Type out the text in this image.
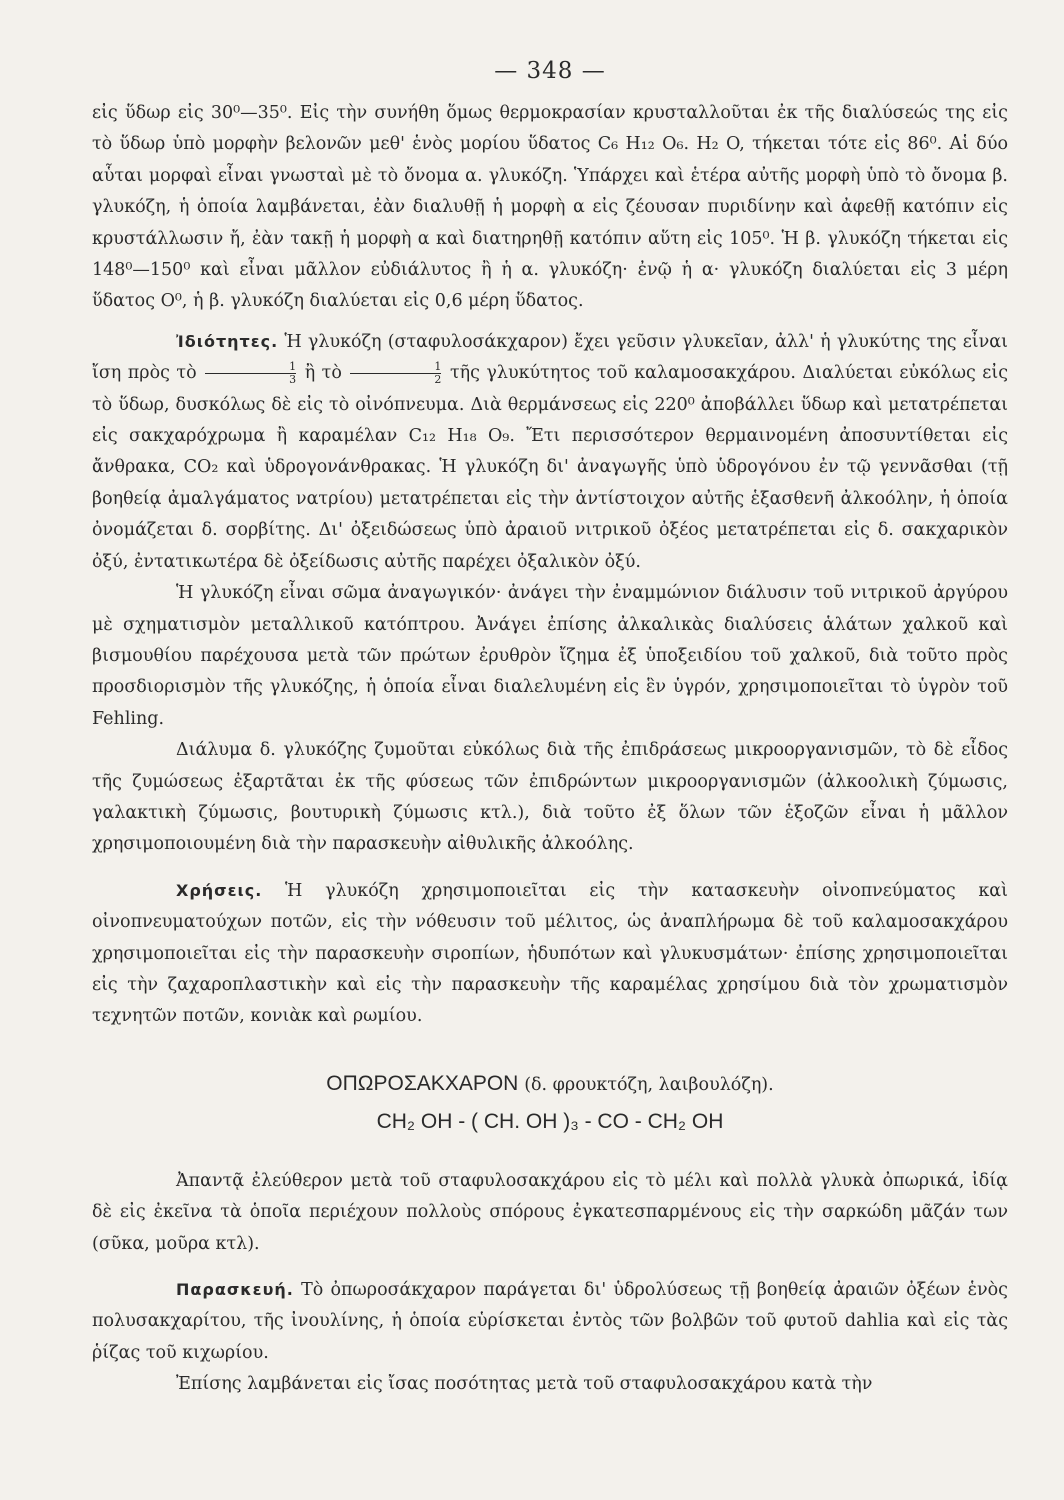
— 348 —

εἰς ὕδωρ εἰς 30⁰—35⁰. Εἰς τὴν συνήθη ὅμως θερμοκρασίαν κρυσταλλοῦται ἐκ τῆς διαλύσεώς της εἰς τὸ ὕδωρ ὑπὸ μορφὴν βελονῶν μεθ' ἑνὸς μορίου ὕδατος C₆ H₁₂ O₆. H₂ O, τήκεται τότε εἰς 86⁰. Αἱ δύο αὗται μορφαὶ εἶναι γνωσταὶ μὲ τὸ ὄνομα α. γλυκόζη. Ὑπάρχει καὶ ἑτέρα αὐτῆς μορφὴ ὑπὸ τὸ ὄνομα β. γλυκόζη, ἡ ὁποία λαμβάνεται, ἐὰν διαλυθῇ ἡ μορφὴ α εἰς ζέουσαν πυριδίνην καὶ ἀφεθῇ κατόπιν εἰς κρυστάλλωσιν ἤ, ἐὰν τακῇ ἡ μορφὴ α καὶ διατηρηθῇ κατόπιν αὕτη εἰς 105⁰. Ἡ β. γλυκόζη τήκεται εἰς 148⁰—150⁰ καὶ εἶναι μᾶλλον εὐδιάλυτος ἢ ἡ α. γλυκόζη· ἐνῷ ἡ α· γλυκόζη διαλύεται εἰς 3 μέρη ὕδατος O⁰, ἡ β. γλυκόζη διαλύεται εἰς 0,6 μέρη ὕδατος.

Ἰδιότητες. Ἡ γλυκόζη (σταφυλοσάκχαρον) ἔχει γεῦσιν γλυκεῖαν, ἀλλ' ἡ γλυκύτης της εἶναι ἴση πρὸς τὸ $\frac{1}{3}$ ἢ τὸ $\frac{1}{2}$ τῆς γλυκύτητος τοῦ καλαμοσακχάρου. Διαλύεται εὐκόλως εἰς τὸ ὕδωρ, δυσκόλως δὲ εἰς τὸ οἰνόπνευμα. Διὰ θερμάνσεως εἰς 220⁰ ἀποβάλλει ὕδωρ καὶ μετατρέπεται εἰς σακχαρόχρωμα ἢ καραμέλαν C₁₂ H₁₈ O₉. Ἔτι περισσότερον θερμαινομένη ἀποσυντίθεται εἰς ἄνθρακα, CO₂ καὶ ὑδρογονάνθρακας. Ἡ γλυκόζη δι' ἀναγωγῆς ὑπὸ ὑδρογόνου ἐν τῷ γεννᾶσθαι (τῇ βοηθείᾳ ἀμαλγάματος νατρίου) μετατρέπεται εἰς τὴν ἀντίστοιχον αὐτῆς ἑξασθενῆ ἀλκοόλην, ἡ ὁποία ὀνομάζεται δ. σορβίτης. Δι' ὀξειδώσεως ὑπὸ ἀραιοῦ νιτρικοῦ ὀξέος μετατρέπεται εἰς δ. σακχαρικὸν ὀξύ, ἐντατικωτέρα δὲ ὀξείδωσις αὐτῆς παρέχει ὀξαλικὸν ὀξύ.

Ἡ γλυκόζη εἶναι σῶμα ἀναγωγικόν· ἀνάγει τὴν ἐναμμώνιον διάλυσιν τοῦ νιτρικοῦ ἀργύρου μὲ σχηματισμὸν μεταλλικοῦ κατόπτρου. Ἀνάγει ἐπίσης ἀλκαλικὰς διαλύσεις ἁλάτων χαλκοῦ καὶ βισμουθίου παρέχουσα μετὰ τῶν πρώτων ἐρυθρὸν ἴζημα ἐξ ὑποξειδίου τοῦ χαλκοῦ, διὰ τοῦτο πρὸς προσδιορισμὸν τῆς γλυκόζης, ἡ ὁποία εἶναι διαλελυμένη εἰς ἓν ὑγρόν, χρησιμοποιεῖται τὸ ὑγρὸν τοῦ Fehling.

Διάλυμα δ. γλυκόζης ζυμοῦται εὐκόλως διὰ τῆς ἐπιδράσεως μικροοργανισμῶν, τὸ δὲ εἶδος τῆς ζυμώσεως ἐξαρτᾶται ἐκ τῆς φύσεως τῶν ἐπιδρώντων μικροοργανισμῶν (ἀλκοολικὴ ζύμωσις, γαλακτικὴ ζύμωσις, βουτυρικὴ ζύμωσις κτλ.), διὰ τοῦτο ἐξ ὅλων τῶν ἑξοζῶν εἶναι ἡ μᾶλλον χρησιμοποιουμένη διὰ τὴν παρασκευὴν αἰθυλικῆς ἀλκοόλης.

Χρήσεις. Ἡ γλυκόζη χρησιμοποιεῖται εἰς τὴν κατασκευὴν οἰνοπνεύματος καὶ οἰνοπνευματούχων ποτῶν, εἰς τὴν νόθευσιν τοῦ μέλιτος, ὡς ἀναπλήρωμα δὲ τοῦ καλαμοσακχάρου χρησιμοποιεῖται εἰς τὴν παρασκευὴν σιροπίων, ἡδυπότων καὶ γλυκυσμάτων· ἐπίσης χρησιμοποιεῖται εἰς τὴν ζαχαροπλαστικὴν καὶ εἰς τὴν παρασκευὴν τῆς καραμέλας χρησίμου διὰ τὸν χρωματισμὸν τεχνητῶν ποτῶν, κονιὰκ καὶ ρωμίου.

ΟΠΩΡΟΣΑΚΧΑΡΟΝ (δ. φρουκτόζη, λαιβουλόζη).
CH₂ OH - ( CH. OH )₃ - CO - CH₂ OH

Ἀπαντᾷ ἐλεύθερον μετὰ τοῦ σταφυλοσακχάρου εἰς τὸ μέλι καὶ πολλὰ γλυκὰ ὀπωρικά, ἰδίᾳ δὲ εἰς ἐκεῖνα τὰ ὁποῖα περιέχουν πολλοὺς σπόρους ἐγκατεσπαρμένους εἰς τὴν σαρκώδη μᾶζάν των (σῦκα, μοῦρα κτλ).

Παρασκευή. Τὸ ὀπωροσάκχαρον παράγεται δι' ὑδρολύσεως τῇ βοηθείᾳ ἀραιῶν ὀξέων ἑνὸς πολυσακχαρίτου, τῆς ἰνουλίνης, ἡ ὁποία εὑρίσκεται ἐντὸς τῶν βολβῶν τοῦ φυτοῦ dahlia καὶ εἰς τὰς ῥίζας τοῦ κιχωρίου.

Ἐπίσης λαμβάνεται εἰς ἴσας ποσότητας μετὰ τοῦ σταφυλοσακχάρου κατὰ τὴν
